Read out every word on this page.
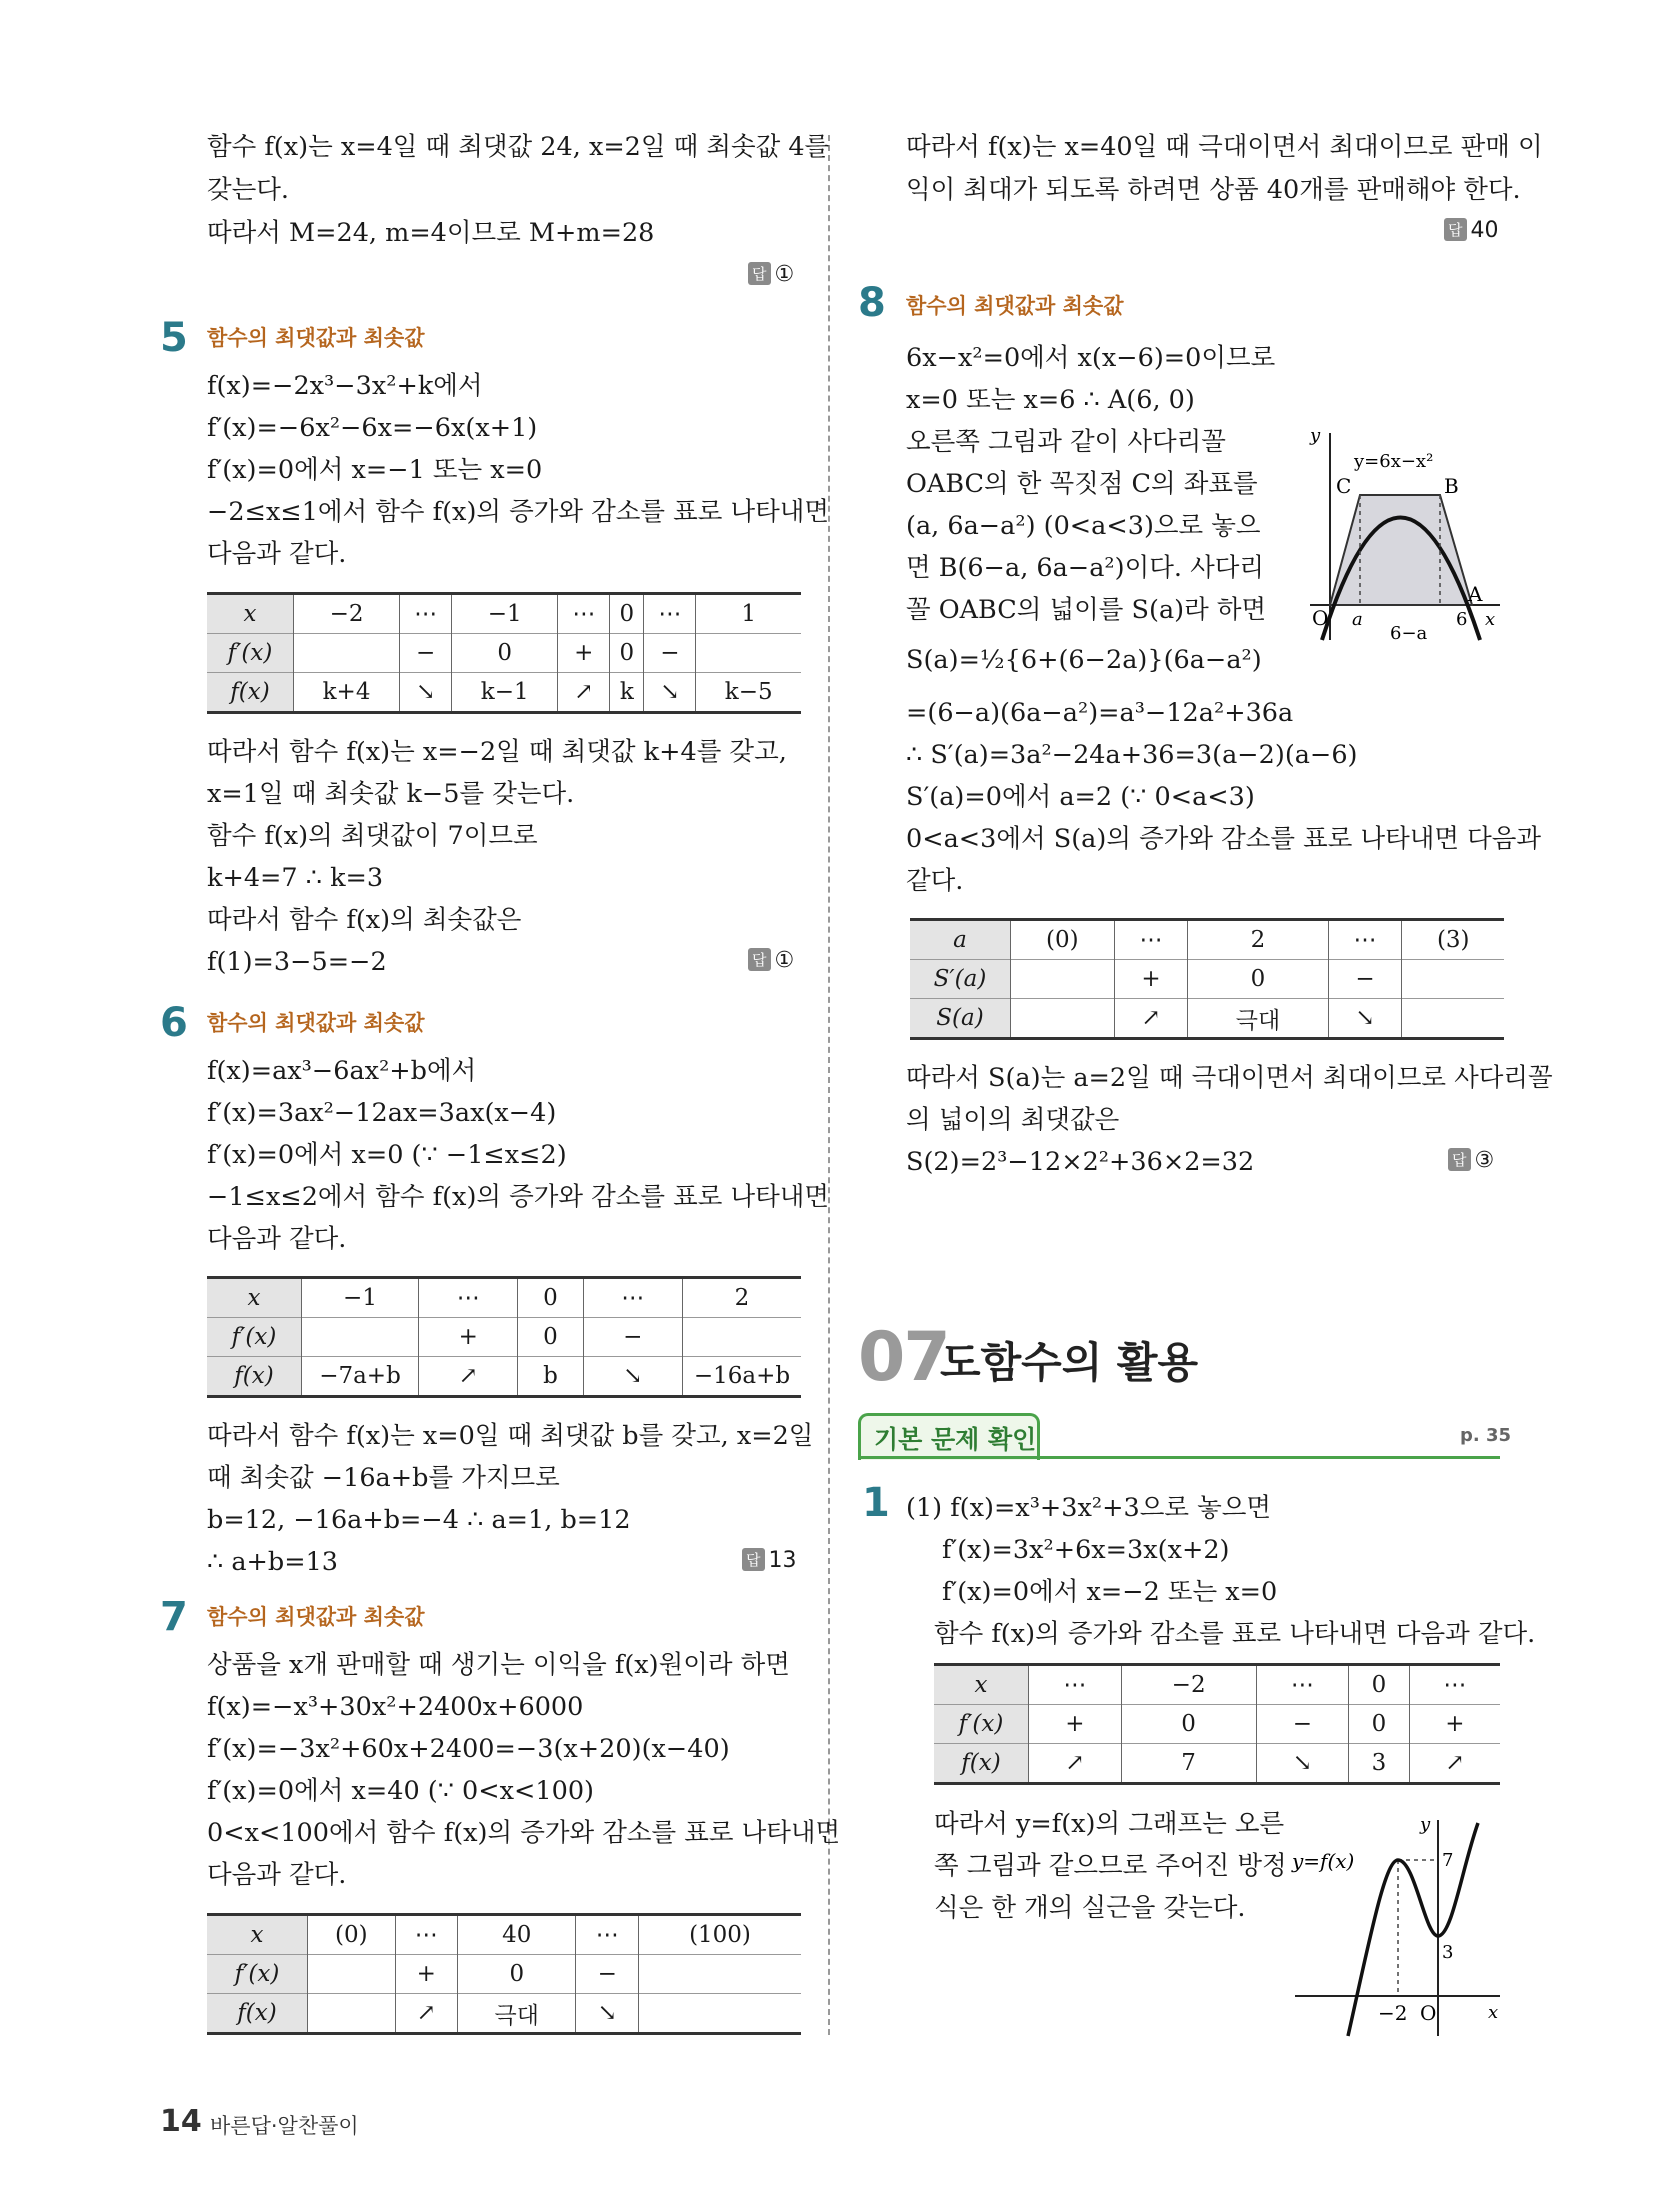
함수 f(x)는 x=4일 때 최댓값 24, x=2일 때 최솟값 4를
갖는다.
따라서 M=24, m=4이므로 M+m=28
답 ①
5 함수의 최댓값과 최솟값
f(x)=−2x³−3x²+k에서
f′(x)=−6x²−6x=−6x(x+1)
f′(x)=0에서 x=−1 또는 x=0
−2≤x≤1에서 함수 f(x)의 증가와 감소를 표로 나타내면
다음과 같다.
x	−2	⋯	−1	⋯	0	⋯	1
f′(x)		−	0	+	0	−	
f(x)	k+4	↘	k−1	↗	k	↘	k−5
따라서 함수 f(x)는 x=−2일 때 최댓값 k+4를 갖고,
x=1일 때 최솟값 k−5를 갖는다.
함수 f(x)의 최댓값이 7이므로
k+4=7 ∴ k=3
따라서 함수 f(x)의 최솟값은
f(1)=3−5=−2	답 ①
6 함수의 최댓값과 최솟값
f(x)=ax³−6ax²+b에서
f′(x)=3ax²−12ax=3ax(x−4)
f′(x)=0에서 x=0 (∵ −1≤x≤2)
−1≤x≤2에서 함수 f(x)의 증가와 감소를 표로 나타내면
다음과 같다.
x	−1	⋯	0	⋯	2
f′(x)		+	0	−	
f(x)	−7a+b	↗	b	↘	−16a+b
따라서 함수 f(x)는 x=0일 때 최댓값 b를 갖고, x=2일
때 최솟값 −16a+b를 가지므로
b=12, −16a+b=−4 ∴ a=1, b=12
∴ a+b=13	답 13
7 함수의 최댓값과 최솟값
상품을 x개 판매할 때 생기는 이익을 f(x)원이라 하면
f(x)=−x³+30x²+2400x+6000
f′(x)=−3x²+60x+2400=−3(x+20)(x−40)
f′(x)=0에서 x=40 (∵ 0<x<100)
0<x<100에서 함수 f(x)의 증가와 감소를 표로 나타내면
다음과 같다.
x	(0)	⋯	40	⋯	(100)
f′(x)		+	0	−	
f(x)		↗	극대	↘	
따라서 f(x)는 x=40일 때 극대이면서 최대이므로 판매 이
익이 최대가 되도록 하려면 상품 40개를 판매해야 한다.
답 40
8 함수의 최댓값과 최솟값
6x−x²=0에서 x(x−6)=0이므로
x=0 또는 x=6 ∴ A(6, 0)
오른쪽 그림과 같이 사다리꼴
OABC의 한 꼭짓점 C의 좌표를
(a, 6a−a²) (0<a<3)으로 놓으
면 B(6−a, 6a−a²)이다. 사다리
꼴 OABC의 넓이를 S(a)라 하면
S(a)=½{6+(6−2a)}(6a−a²)
=(6−a)(6a−a²)=a³−12a²+36a
∴ S′(a)=3a²−24a+36=3(a−2)(a−6)
S′(a)=0에서 a=2 (∵ 0<a<3)
0<a<3에서 S(a)의 증가와 감소를 표로 나타내면 다음과
같다.
y
y=6x−x²
C	B
A
O a	6 x
6−a
a	(0)	⋯	2	⋯	(3)
S′(a)		+	0	−	
S(a)		↗	극대	↘	
따라서 S(a)는 a=2일 때 극대이면서 최대이므로 사다리꼴
의 넓이의 최댓값은
S(2)=2³−12×2²+36×2=32	답 ③
07
도함수의 활용
기본 문제 확인	p. 35
1 (1) f(x)=x³+3x²+3으로 놓으면
f′(x)=3x²+6x=3x(x+2)
f′(x)=0에서 x=−2 또는 x=0
함수 f(x)의 증가와 감소를 표로 나타내면 다음과 같다.
x	⋯	−2	⋯	0	⋯
f′(x)	+	0	−	0	+
f(x)	↗	7	↘	3	↗
따라서 y=f(x)의 그래프는 오른
쪽 그림과 같으므로 주어진 방정
식은 한 개의 실근을 갖는다.
y
y=f(x)	7
3
−2 O	x
14 바른답·알찬풀이
